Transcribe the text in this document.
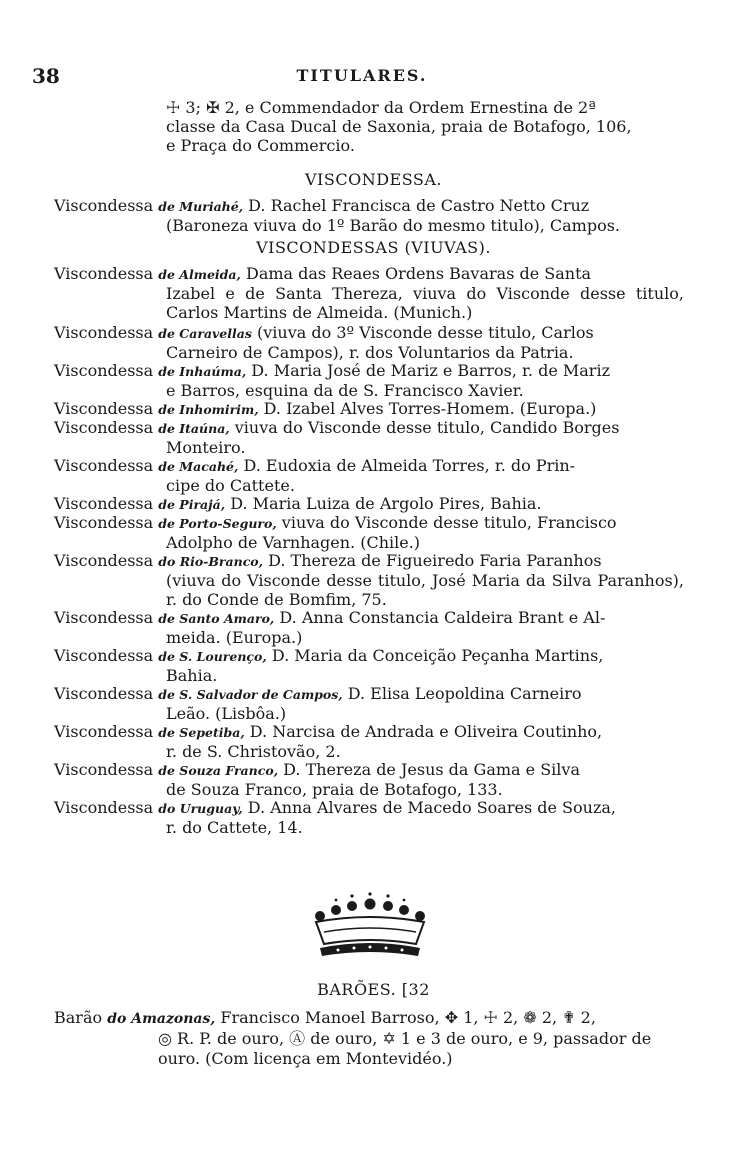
38	TITULARES.
☩ 3; ✠ 2, e Commendador da Ordem Ernestina de 2ª
classe da Casa Ducal de Saxonia, praia de Botafogo, 106,
e Praça do Commercio.
VISCONDESSA.
Viscondessa de Muriahé, D. Rachel Francisca de Castro Netto Cruz
(Baroneza viuva do 1º Barão do mesmo titulo), Campos.
VISCONDESSAS (VIUVAS).
Viscondessa de Almeida, Dama das Reaes Ordens Bavaras de Santa
Izabel e de Santa Thereza, viuva do Visconde desse titulo, Carlos Martins de Almeida. (Munich.)
Viscondessa de Caravellas (viuva do 3º Visconde desse titulo, Carlos
Carneiro de Campos), r. dos Voluntarios da Patria.
Viscondessa de Inhaúma, D. Maria José de Mariz e Barros, r. de Mariz
e Barros, esquina da de S. Francisco Xavier.
Viscondessa de Inhomirim, D. Izabel Alves Torres-Homem. (Europa.)
Viscondessa de Itaúna, viuva do Visconde desse titulo, Candido Borges
Monteiro.
Viscondessa de Macahé, D. Eudoxia de Almeida Torres, r. do Prin-
cipe do Cattete.
Viscondessa de Pirajá, D. Maria Luiza de Argolo Pires, Bahia.
Viscondessa de Porto-Seguro, viuva do Visconde desse titulo, Francisco
Adolpho de Varnhagen. (Chile.)
Viscondessa do Rio-Branco, D. Thereza de Figueiredo Faria Paranhos
(viuva do Visconde desse titulo, José Maria da Silva Paranhos), r. do Conde de Bomfim, 75.
Viscondessa de Santo Amaro, D. Anna Constancia Caldeira Brant e Al-
meida. (Europa.)
Viscondessa de S. Lourenço, D. Maria da Conceição Peçanha Martins,
Bahia.
Viscondessa de S. Salvador de Campos, D. Elisa Leopoldina Carneiro
Leão. (Lisbôa.)
Viscondessa de Sepetiba, D. Narcisa de Andrada e Oliveira Coutinho,
r. de S. Christovão, 2.
Viscondessa de Souza Franco, D. Thereza de Jesus da Gama e Silva
de Souza Franco, praia de Botafogo, 133.
Viscondessa do Uruguay, D. Anna Alvares de Macedo Soares de Souza,
r. do Cattete, 14.
BARÕES. [32
Barão do Amazonas, Francisco Manoel Barroso, ✥ 1, ☩ 2, ❁ 2, ✟ 2,
◎ R. P. de ouro, Ⓐ de ouro, ✡ 1 e 3 de ouro, e 9, passador de ouro. (Com licença em Montevidéo.)
